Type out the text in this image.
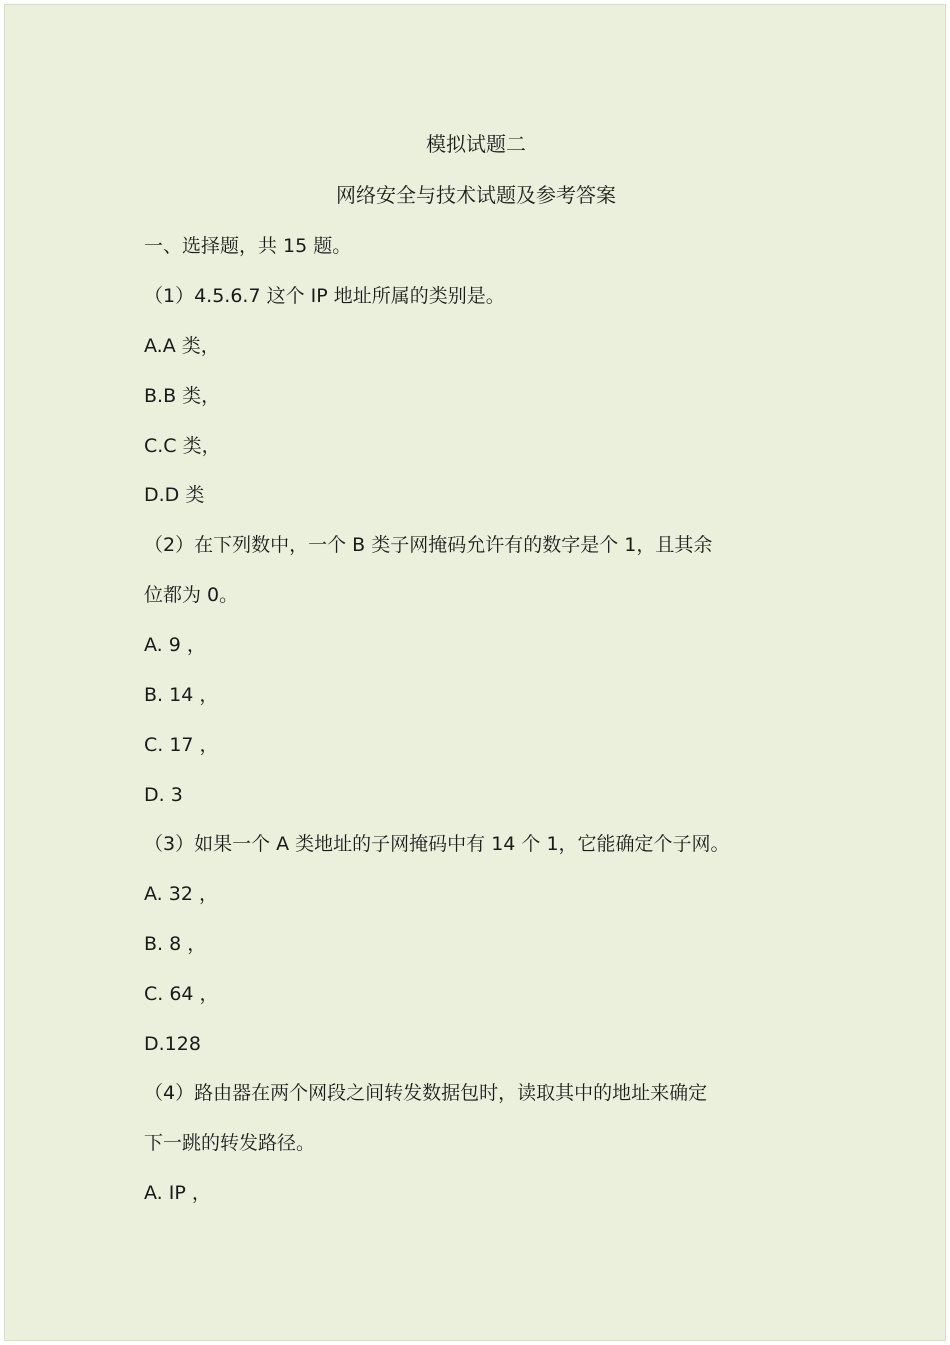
模拟试题二
网络安全与技术试题及参考答案
一、选择题，共 15 题。
（1）4.5.6.7 这个 IP 地址所属的类别是。
A.A 类，
B.B 类，
C.C 类，
D.D 类
（2）在下列数中，一个 B 类子网掩码允许有的数字是个 1，且其余
位都为 0。
A. 9 ，
B. 14 ，
C. 17 ，
D. 3
（3）如果一个 A 类地址的子网掩码中有 14 个 1，它能确定个子网。
A. 32 ，
B. 8 ，
C. 64 ，
D.128
（4）路由器在两个网段之间转发数据包时，读取其中的地址来确定
下一跳的转发路径。
A. IP ，
